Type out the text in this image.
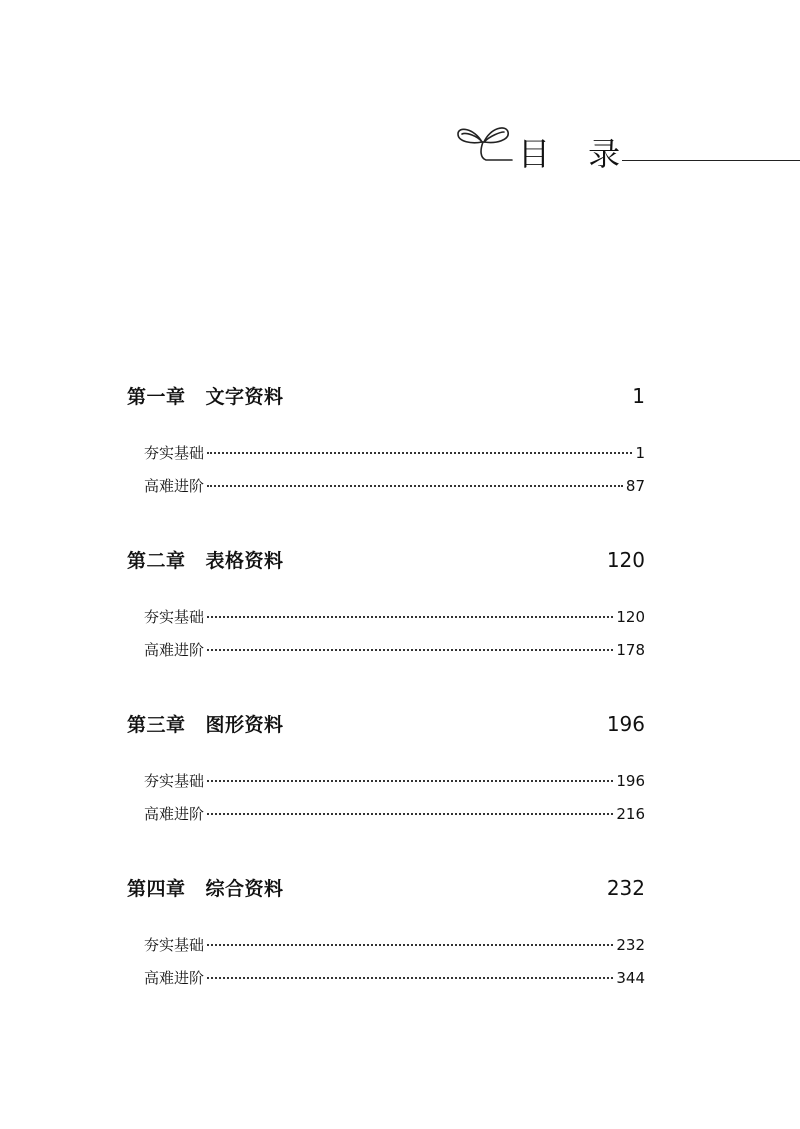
目 录
第一章 文字资料	1
夯实基础	1
高难进阶	87
第二章 表格资料	120
夯实基础	120
高难进阶	178
第三章 图形资料	196
夯实基础	196
高难进阶	216
第四章 综合资料	232
夯实基础	232
高难进阶	344
